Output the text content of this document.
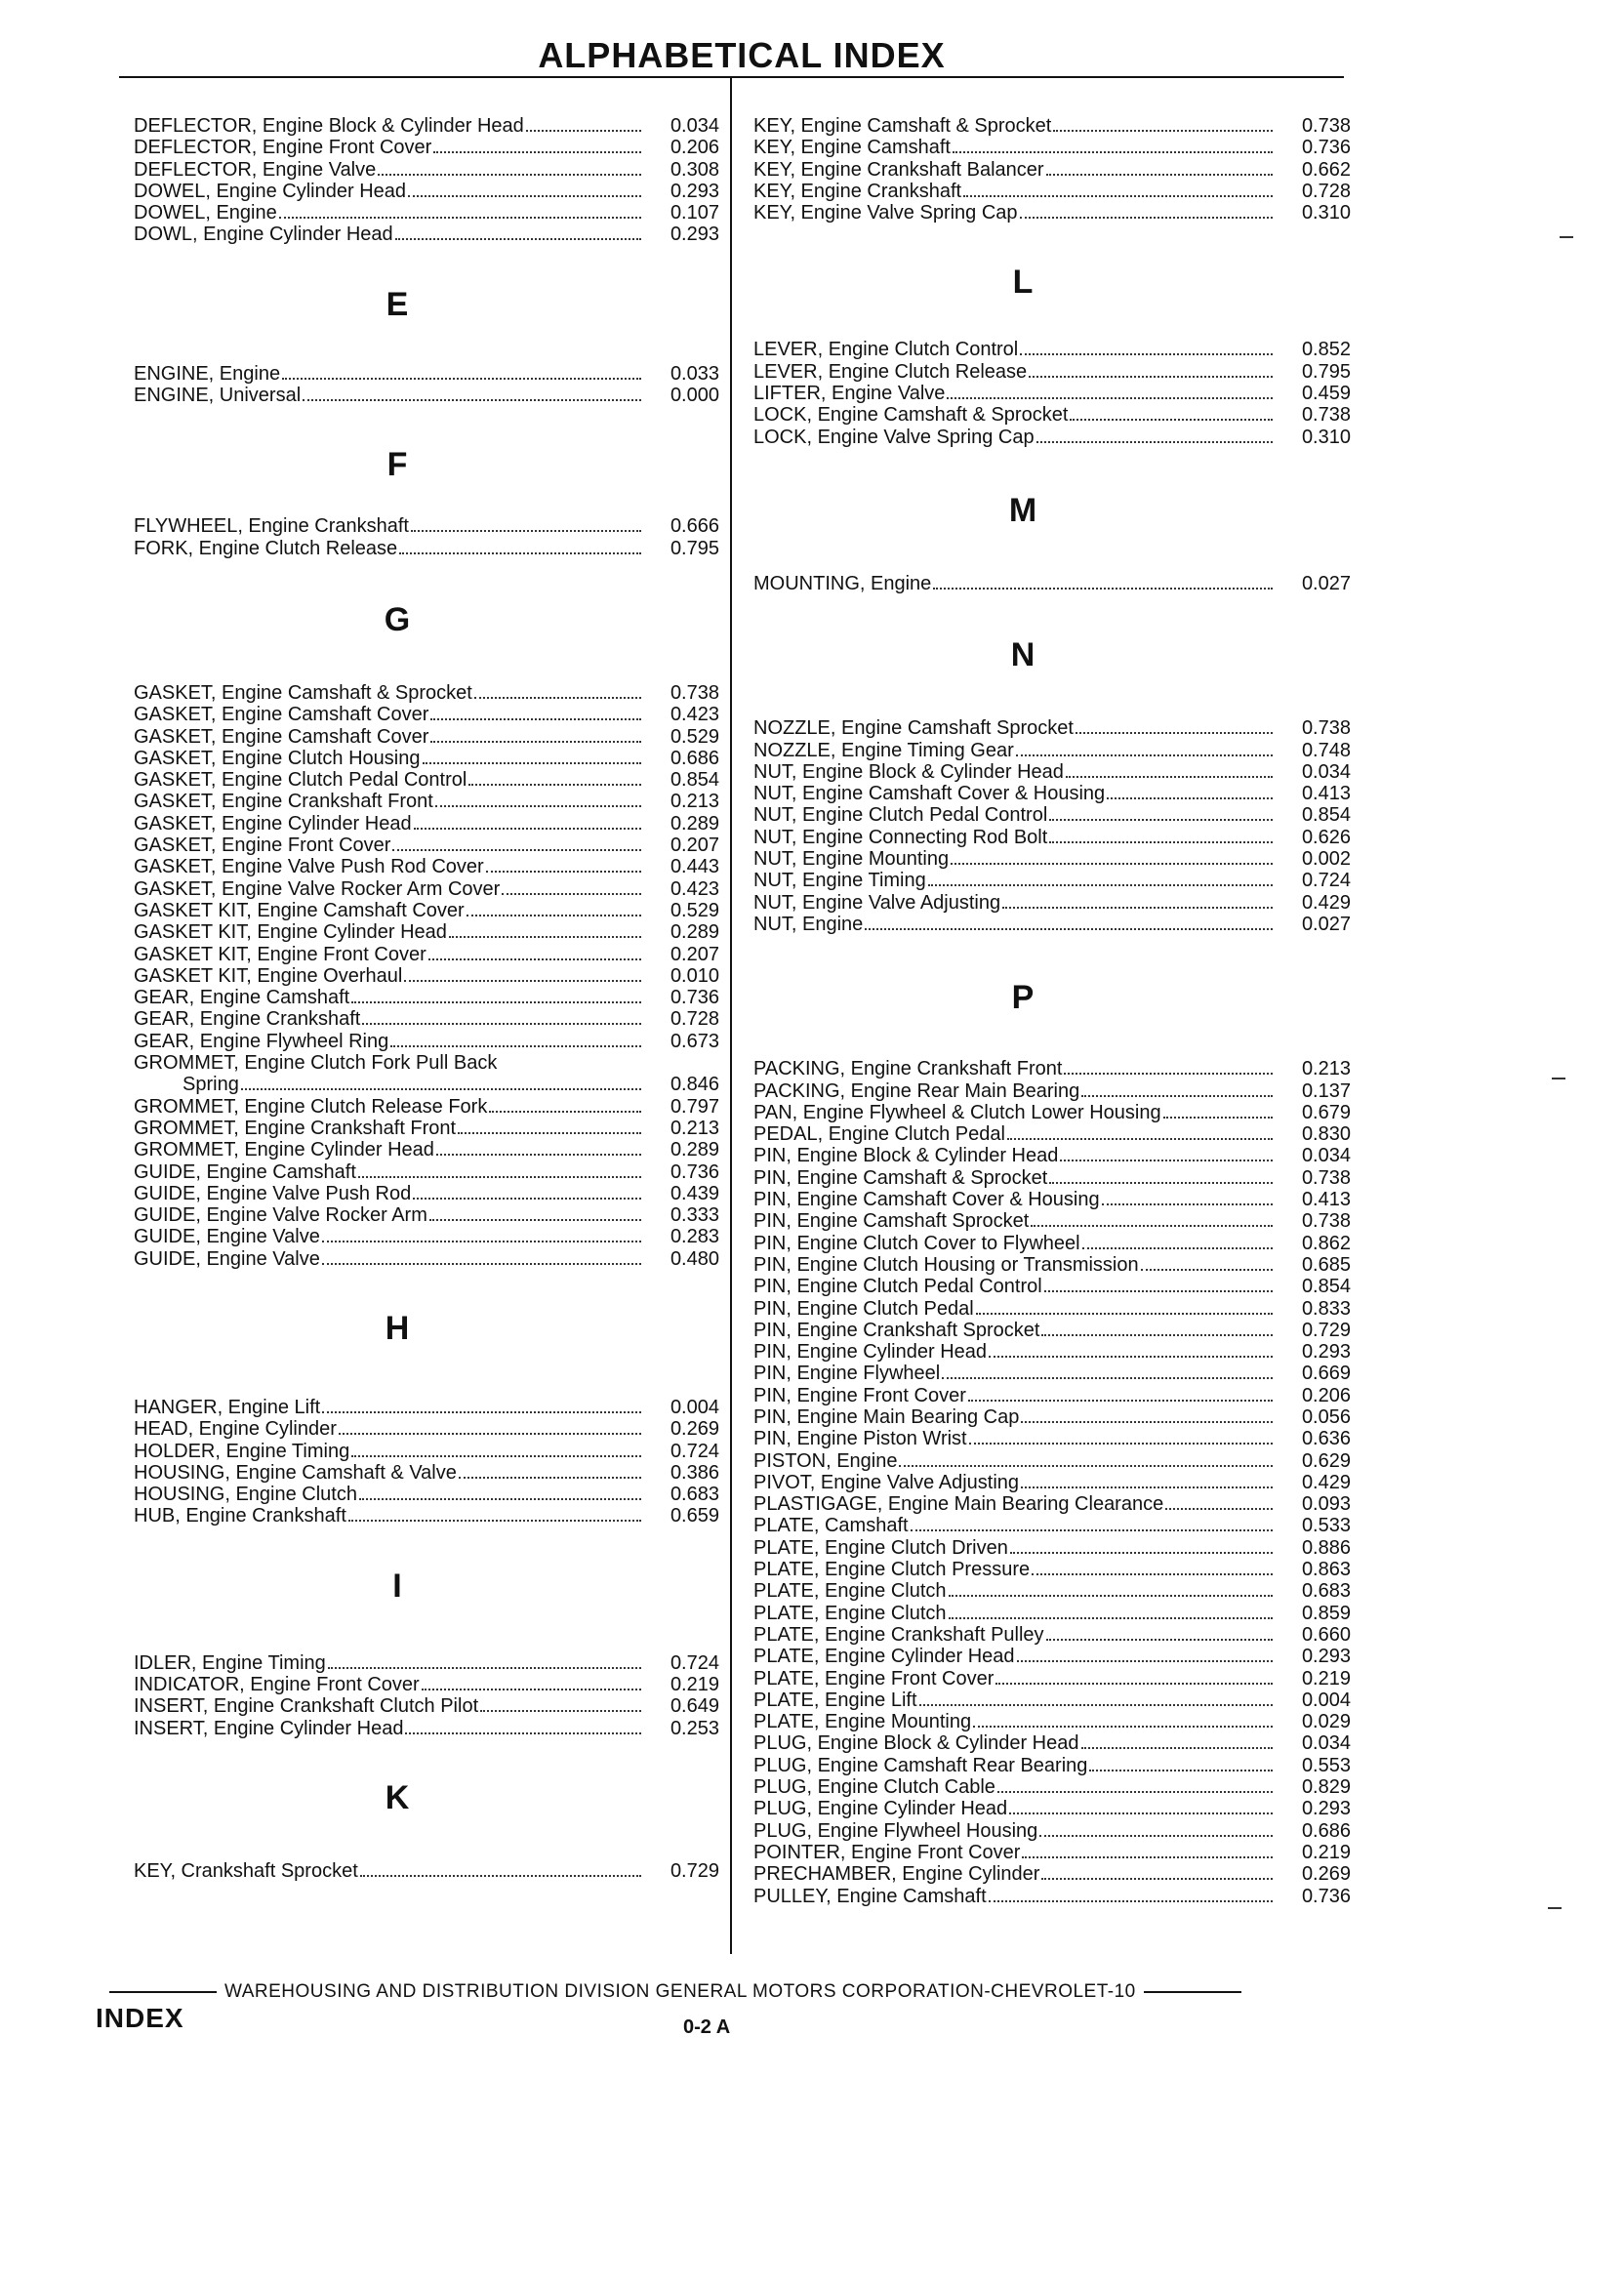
ALPHABETICAL INDEX
DEFLECTOR, Engine Block & Cylinder Head	0.034
DEFLECTOR, Engine Front Cover	0.206
DEFLECTOR, Engine Valve	0.308
DOWEL, Engine Cylinder Head	0.293
DOWEL, Engine	0.107
DOWL, Engine Cylinder Head	0.293
E
ENGINE, Engine	0.033
ENGINE, Universal	0.000
F
FLYWHEEL, Engine Crankshaft	0.666
FORK, Engine Clutch Release	0.795
G
GASKET, Engine Camshaft & Sprocket	0.738
GASKET, Engine Camshaft Cover	0.423
GASKET, Engine Camshaft Cover	0.529
GASKET, Engine Clutch Housing	0.686
GASKET, Engine Clutch Pedal Control	0.854
GASKET, Engine Crankshaft Front	0.213
GASKET, Engine Cylinder Head	0.289
GASKET, Engine Front Cover	0.207
GASKET, Engine Valve Push Rod Cover	0.443
GASKET, Engine Valve Rocker Arm Cover	0.423
GASKET KIT, Engine Camshaft Cover	0.529
GASKET KIT, Engine Cylinder Head	0.289
GASKET KIT, Engine Front Cover	0.207
GASKET KIT, Engine Overhaul	0.010
GEAR, Engine Camshaft	0.736
GEAR, Engine Crankshaft	0.728
GEAR, Engine Flywheel Ring	0.673
GROMMET, Engine Clutch Fork Pull Back
Spring	0.846
GROMMET, Engine Clutch Release Fork	0.797
GROMMET, Engine Crankshaft Front	0.213
GROMMET, Engine Cylinder Head	0.289
GUIDE, Engine Camshaft	0.736
GUIDE, Engine Valve Push Rod	0.439
GUIDE, Engine Valve Rocker Arm	0.333
GUIDE, Engine Valve	0.283
GUIDE, Engine Valve	0.480
H
HANGER, Engine Lift	0.004
HEAD, Engine Cylinder	0.269
HOLDER, Engine Timing	0.724
HOUSING, Engine Camshaft & Valve	0.386
HOUSING, Engine Clutch	0.683
HUB, Engine Crankshaft	0.659
I
IDLER, Engine Timing	0.724
INDICATOR, Engine Front Cover	0.219
INSERT, Engine Crankshaft Clutch Pilot	0.649
INSERT, Engine Cylinder Head	0.253
K
KEY, Crankshaft Sprocket	0.729
KEY, Engine Camshaft & Sprocket	0.738
KEY, Engine Camshaft	0.736
KEY, Engine Crankshaft Balancer	0.662
KEY, Engine Crankshaft	0.728
KEY, Engine Valve Spring Cap	0.310
L
LEVER, Engine Clutch Control	0.852
LEVER, Engine Clutch Release	0.795
LIFTER, Engine Valve	0.459
LOCK, Engine Camshaft & Sprocket	0.738
LOCK, Engine Valve Spring Cap	0.310
M
MOUNTING, Engine	0.027
N
NOZZLE, Engine Camshaft Sprocket	0.738
NOZZLE, Engine Timing Gear	0.748
NUT, Engine Block & Cylinder Head	0.034
NUT, Engine Camshaft Cover & Housing	0.413
NUT, Engine Clutch Pedal Control	0.854
NUT, Engine Connecting Rod Bolt	0.626
NUT, Engine Mounting	0.002
NUT, Engine Timing	0.724
NUT, Engine Valve Adjusting	0.429
NUT, Engine	0.027
P
PACKING, Engine Crankshaft Front	0.213
PACKING, Engine Rear Main Bearing	0.137
PAN, Engine Flywheel & Clutch Lower Housing	0.679
PEDAL, Engine Clutch Pedal	0.830
PIN, Engine Block & Cylinder Head	0.034
PIN, Engine Camshaft & Sprocket	0.738
PIN, Engine Camshaft Cover & Housing	0.413
PIN, Engine Camshaft Sprocket	0.738
PIN, Engine Clutch Cover to Flywheel	0.862
PIN, Engine Clutch Housing or Transmission	0.685
PIN, Engine Clutch Pedal Control	0.854
PIN, Engine Clutch Pedal	0.833
PIN, Engine Crankshaft Sprocket	0.729
PIN, Engine Cylinder Head	0.293
PIN, Engine Flywheel	0.669
PIN, Engine Front Cover	0.206
PIN, Engine Main Bearing Cap	0.056
PIN, Engine Piston Wrist	0.636
PISTON, Engine	0.629
PIVOT, Engine Valve Adjusting	0.429
PLASTIGAGE, Engine Main Bearing Clearance	0.093
PLATE, Camshaft	0.533
PLATE, Engine Clutch Driven	0.886
PLATE, Engine Clutch Pressure	0.863
PLATE, Engine Clutch	0.683
PLATE, Engine Clutch	0.859
PLATE, Engine Crankshaft Pulley	0.660
PLATE, Engine Cylinder Head	0.293
PLATE, Engine Front Cover	0.219
PLATE, Engine Lift	0.004
PLATE, Engine Mounting	0.029
PLUG, Engine Block & Cylinder Head	0.034
PLUG, Engine Camshaft Rear Bearing	0.553
PLUG, Engine Clutch Cable	0.829
PLUG, Engine Cylinder Head	0.293
PLUG, Engine Flywheel Housing	0.686
POINTER, Engine Front Cover	0.219
PRECHAMBER, Engine Cylinder	0.269
PULLEY, Engine Camshaft	0.736
WAREHOUSING AND DISTRIBUTION DIVISION GENERAL MOTORS CORPORATION-CHEVROLET-10
INDEX	0-2 A
